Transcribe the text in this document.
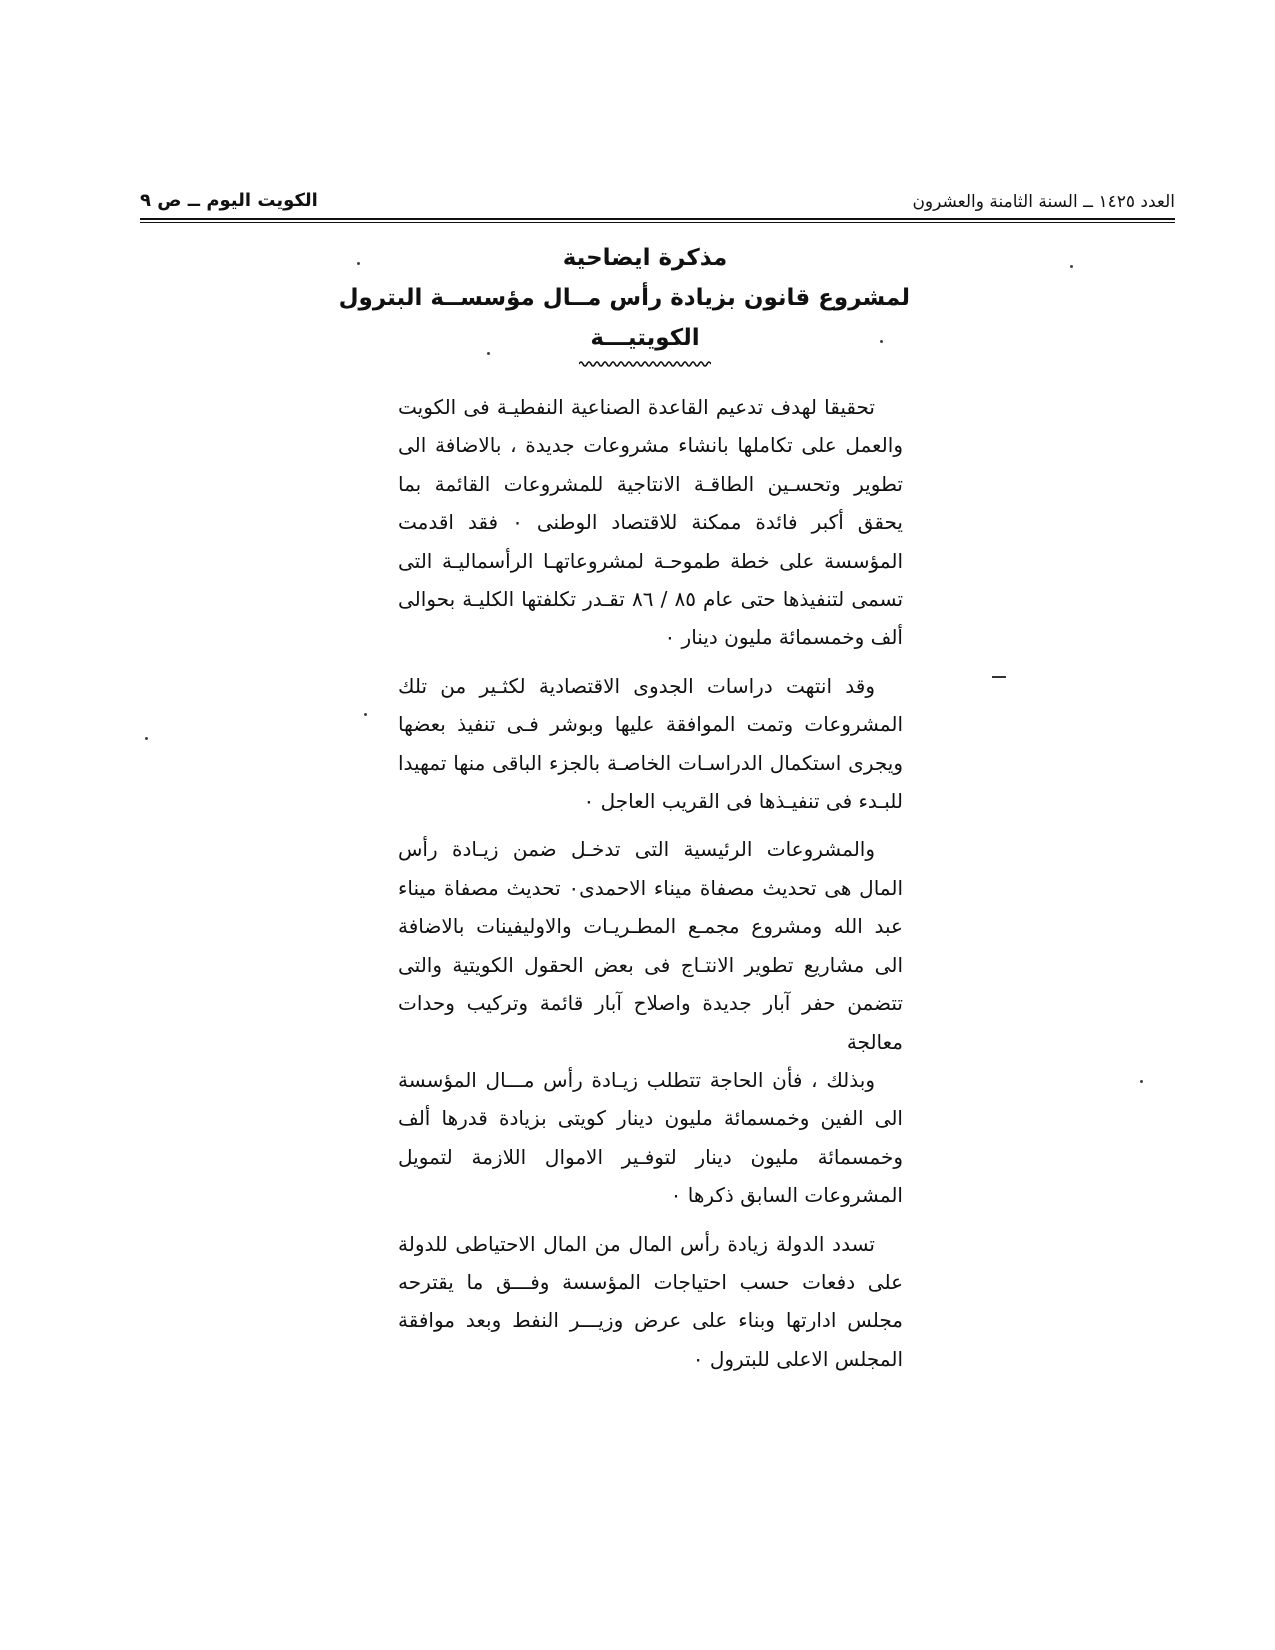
العدد ١٤٢٥ ــ السنة الثامنة والعشرون
الكويت اليوم ــ ص ٩
مذكرة ايضاحية
لمشروع قانون بزيادة رأس مــال مؤسســة البترول
الكويتيـــة

تحقيقا لهدف تدعيم القاعدة الصناعية النفطيـة فى الكويت والعمل على تكاملها بانشاء مشروعات جديدة ، بالاضافة الى تطوير وتحسـين الطاقـة الانتاجية للمشروعات القائمة بما يحقق أكبر فائدة ممكنة للاقتصاد الوطنى ٠ فقد اقدمت المؤسسة على خطة طموحـة لمشروعاتهـا الرأسماليـة التى تسمى لتنفيذها حتى عام ٨٥ / ٨٦ تقـدر تكلفتها الكليـة بحوالى ألف وخمسمائة مليون دينار ٠

وقد انتهت دراسات الجدوى الاقتصادية لكثـير من تلك المشروعات وتمت الموافقة عليها وبوشر فـى تنفيذ بعضها ويجرى استكمال الدراسـات الخاصـة بالجزء الباقى منها تمهيدا للبـدء فى تنفيـذها فى القريب العاجل ٠

والمشروعات الرئيسية التى تدخـل ضمن زيـادة رأس المال هى تحديث مصفاة ميناء الاحمدى٠ تحديث مصفاة ميناء عبد الله ومشروع مجمـع المطـريـات والاوليفينات بالاضافة الى مشاريع تطوير الانتـاج فى بعض الحقول الكويتية والتى تتضمن حفر آبار جديدة واصلاح آبار قائمة وتركيب وحدات معالجة

وبذلك ، فأن الحاجة تتطلب زيـادة رأس مـــال المؤسسة الى الفين وخمسمائة مليون دينار كويتى بزيادة قدرها ألف وخمسمائة مليون دينار لتوفـير الاموال اللازمة لتمويل المشروعات السابق ذكرها ٠

تسدد الدولة زيادة رأس المال من المال الاحتياطى للدولة على دفعات حسب احتياجات المؤسسة وفـــق ما يقترحه مجلس ادارتها وبناء على عرض وزيـــر النفط وبعد موافقة المجلس الاعلى للبترول ٠
